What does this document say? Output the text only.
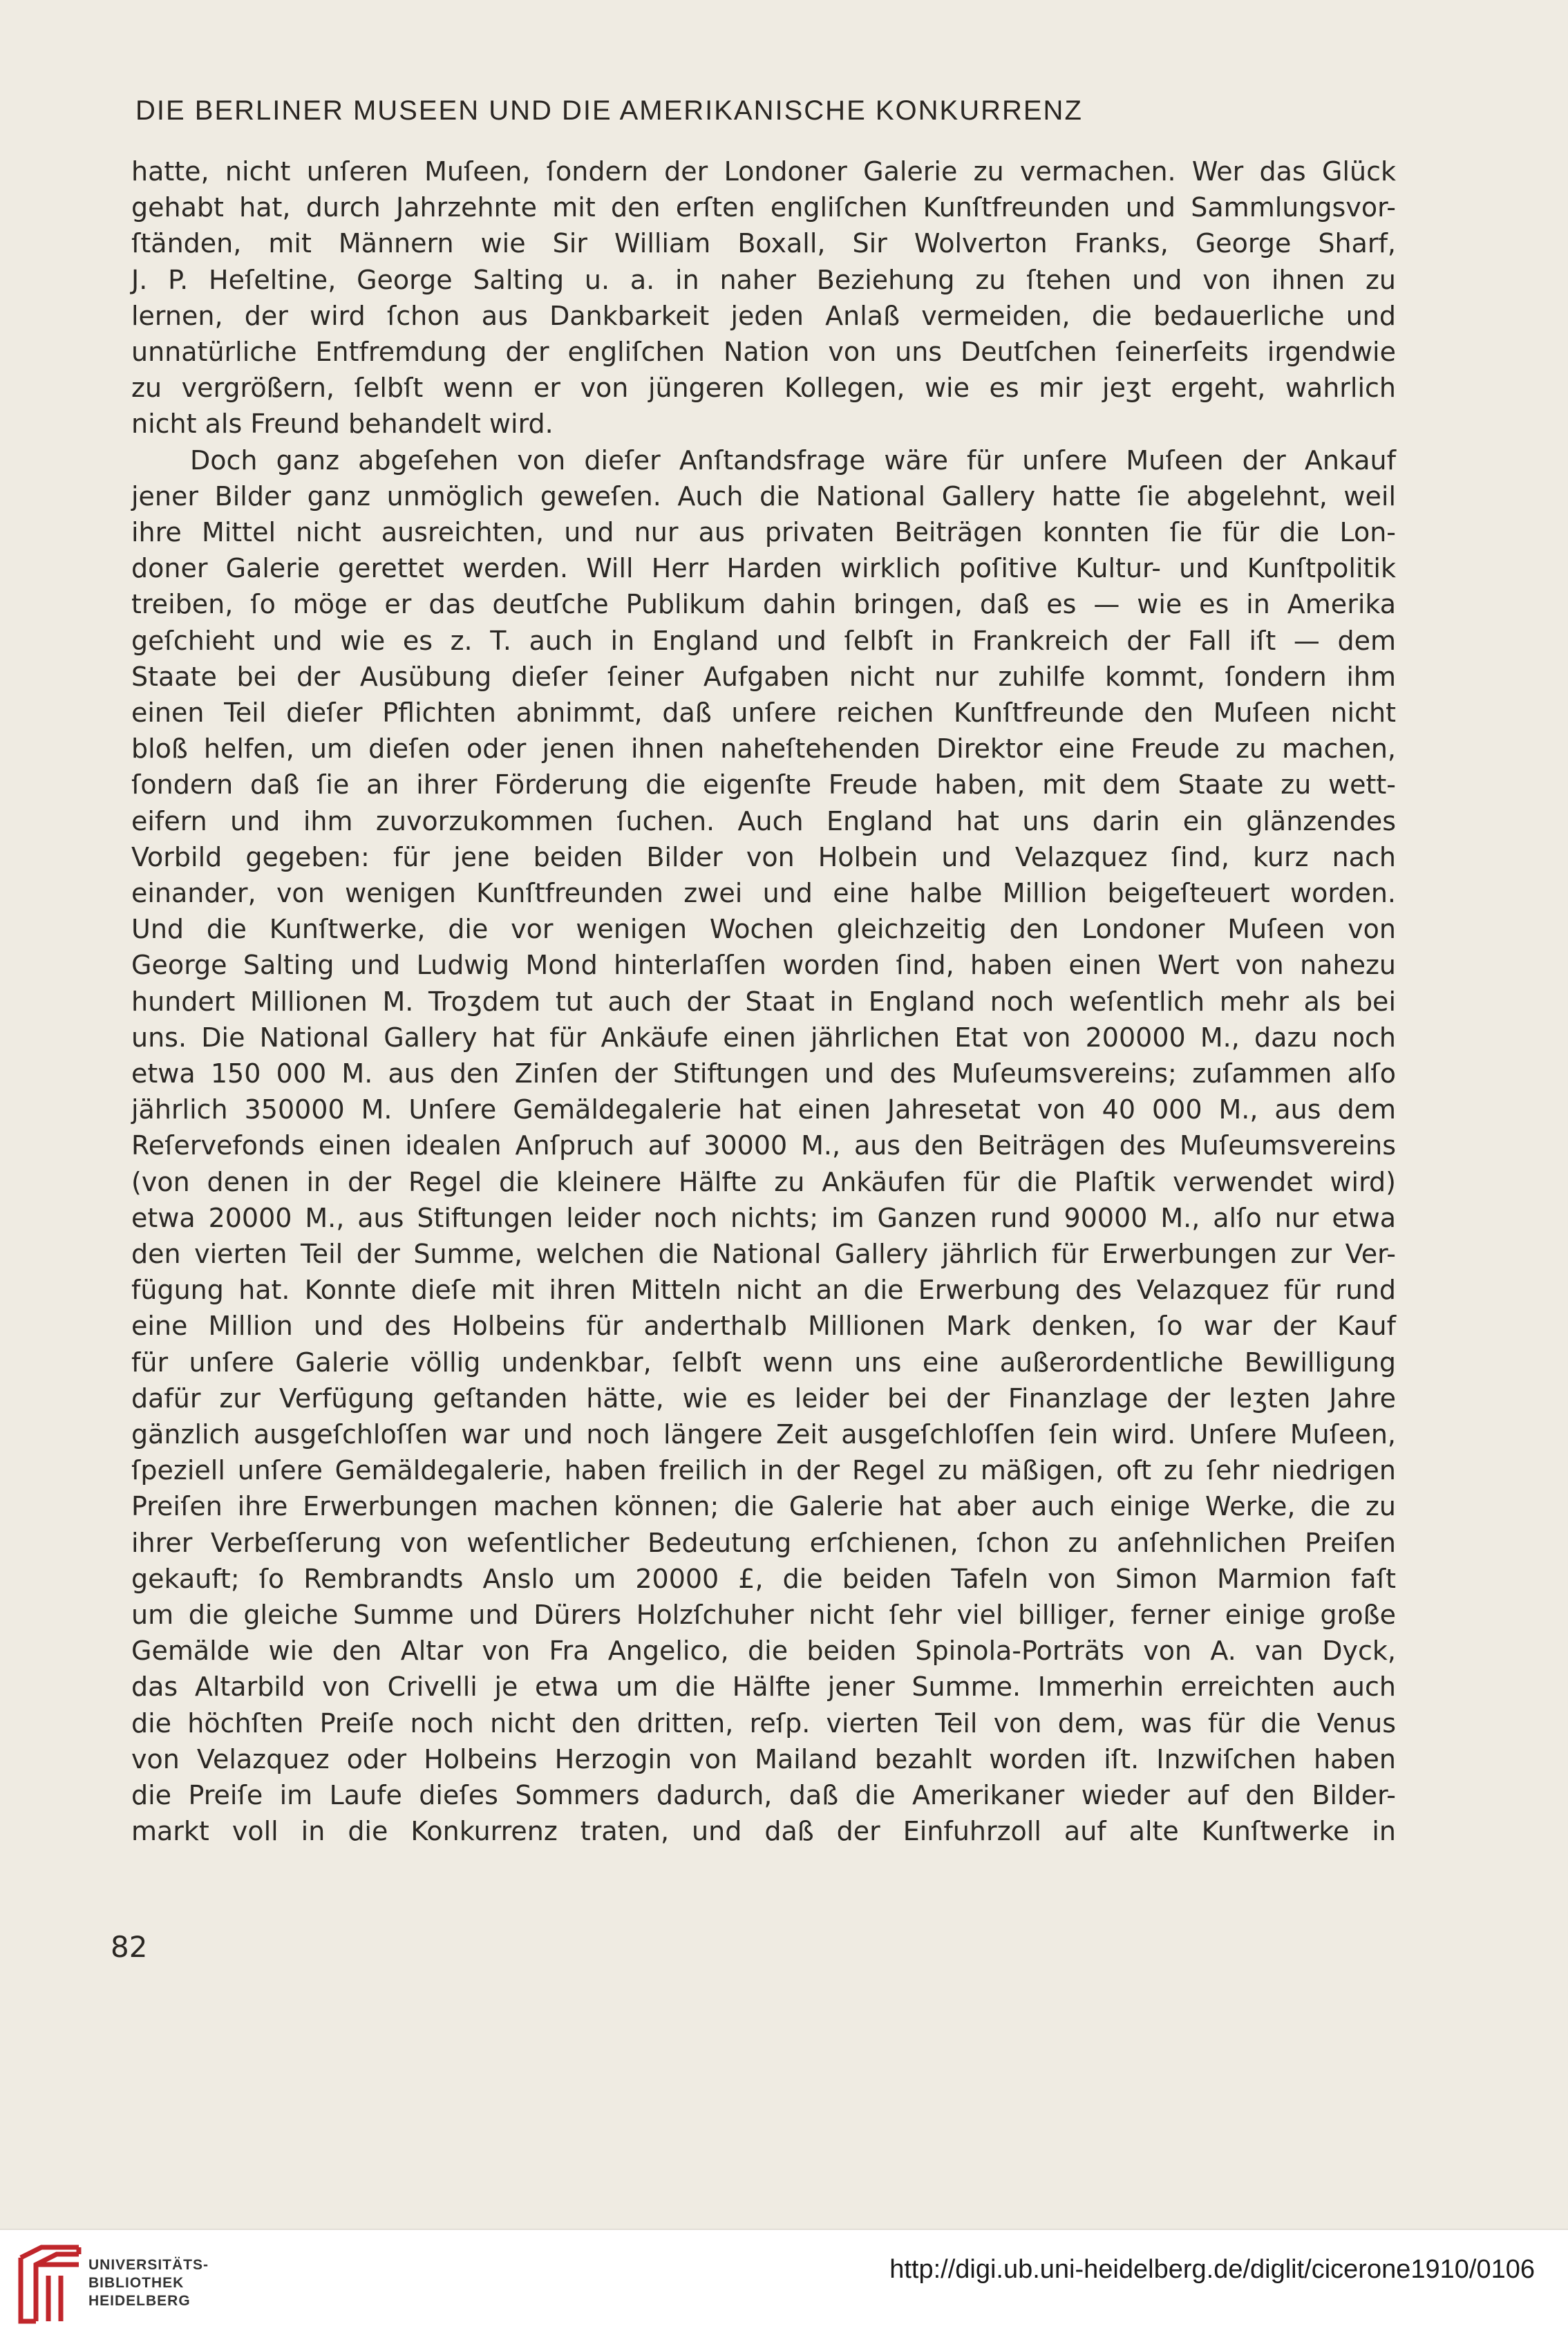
DIE BERLINER MUSEEN UND DIE AMERIKANISCHE KONKURRENZ
hatte, nicht unſeren Muſeen, ſondern der Londoner Galerie zu vermachen. Wer das Glück
gehabt hat, durch Jahrzehnte mit den erſten engliſchen Kunſtfreunden und Sammlungsvor-
ſtänden, mit Männern wie Sir William Boxall, Sir Wolverton Franks, George Sharf,
J. P. Heſeltine, George Salting u. a. in naher Beziehung zu ſtehen und von ihnen zu
lernen, der wird ſchon aus Dankbarkeit jeden Anlaß vermeiden, die bedauerliche und
unnatürliche Entfremdung der engliſchen Nation von uns Deutſchen ſeinerſeits irgendwie
zu vergrößern, ſelbſt wenn er von jüngeren Kollegen, wie es mir jeʒt ergeht, wahrlich
nicht als Freund behandelt wird.
Doch ganz abgeſehen von dieſer Anſtandsfrage wäre für unſere Muſeen der Ankauf
jener Bilder ganz unmöglich geweſen. Auch die National Gallery hatte ſie abgelehnt, weil
ihre Mittel nicht ausreichten, und nur aus privaten Beiträgen konnten ſie für die Lon-
doner Galerie gerettet werden. Will Herr Harden wirklich poſitive Kultur- und Kunſtpolitik
treiben, ſo möge er das deutſche Publikum dahin bringen, daß es — wie es in Amerika
geſchieht und wie es z. T. auch in England und ſelbſt in Frankreich der Fall iſt — dem
Staate bei der Ausübung dieſer ſeiner Aufgaben nicht nur zuhilfe kommt, ſondern ihm
einen Teil dieſer Pflichten abnimmt, daß unſere reichen Kunſtfreunde den Muſeen nicht
bloß helfen, um dieſen oder jenen ihnen naheſtehenden Direktor eine Freude zu machen,
ſondern daß ſie an ihrer Förderung die eigenſte Freude haben, mit dem Staate zu wett-
eifern und ihm zuvorzukommen ſuchen. Auch England hat uns darin ein glänzendes
Vorbild gegeben: für jene beiden Bilder von Holbein und Velazquez ſind, kurz nach
einander, von wenigen Kunſtfreunden zwei und eine halbe Million beigeſteuert worden.
Und die Kunſtwerke, die vor wenigen Wochen gleichzeitig den Londoner Muſeen von
George Salting und Ludwig Mond hinterlaſſen worden ſind, haben einen Wert von nahezu
hundert Millionen M. Troʒdem tut auch der Staat in England noch weſentlich mehr als bei
uns. Die National Gallery hat für Ankäufe einen jährlichen Etat von 200000 M., dazu noch
etwa 150 000 M. aus den Zinſen der Stiftungen und des Muſeumsvereins; zuſammen alſo
jährlich 350000 M. Unſere Gemäldegalerie hat einen Jahresetat von 40 000 M., aus dem
Reſervefonds einen idealen Anſpruch auf 30000 M., aus den Beiträgen des Muſeumsvereins
(von denen in der Regel die kleinere Hälfte zu Ankäufen für die Plaſtik verwendet wird)
etwa 20000 M., aus Stiftungen leider noch nichts; im Ganzen rund 90000 M., alſo nur etwa
den vierten Teil der Summe, welchen die National Gallery jährlich für Erwerbungen zur Ver-
fügung hat. Konnte dieſe mit ihren Mitteln nicht an die Erwerbung des Velazquez für rund
eine Million und des Holbeins für anderthalb Millionen Mark denken, ſo war der Kauf
für unſere Galerie völlig undenkbar, ſelbſt wenn uns eine außerordentliche Bewilligung
dafür zur Verfügung geſtanden hätte, wie es leider bei der Finanzlage der leʒten Jahre
gänzlich ausgeſchloſſen war und noch längere Zeit ausgeſchloſſen ſein wird. Unſere Muſeen,
ſpeziell unſere Gemäldegalerie, haben freilich in der Regel zu mäßigen, oft zu ſehr niedrigen
Preiſen ihre Erwerbungen machen können; die Galerie hat aber auch einige Werke, die zu
ihrer Verbeſſerung von weſentlicher Bedeutung erſchienen, ſchon zu anſehnlichen Preiſen
gekauft; ſo Rembrandts Anslo um 20000 £, die beiden Tafeln von Simon Marmion faſt
um die gleiche Summe und Dürers Holzſchuher nicht ſehr viel billiger, ferner einige große
Gemälde wie den Altar von Fra Angelico, die beiden Spinola-Porträts von A. van Dyck,
das Altarbild von Crivelli je etwa um die Hälfte jener Summe. Immerhin erreichten auch
die höchſten Preiſe noch nicht den dritten, reſp. vierten Teil von dem, was für die Venus
von Velazquez oder Holbeins Herzogin von Mailand bezahlt worden iſt. Inzwiſchen haben
die Preiſe im Laufe dieſes Sommers dadurch, daß die Amerikaner wieder auf den Bilder-
markt voll in die Konkurrenz traten, und daß der Einfuhrzoll auf alte Kunſtwerke in
82
UNIVERSITÄTS-
BIBLIOTHEK
HEIDELBERG
http://digi.ub.uni-heidelberg.de/diglit/cicerone1910/0106
